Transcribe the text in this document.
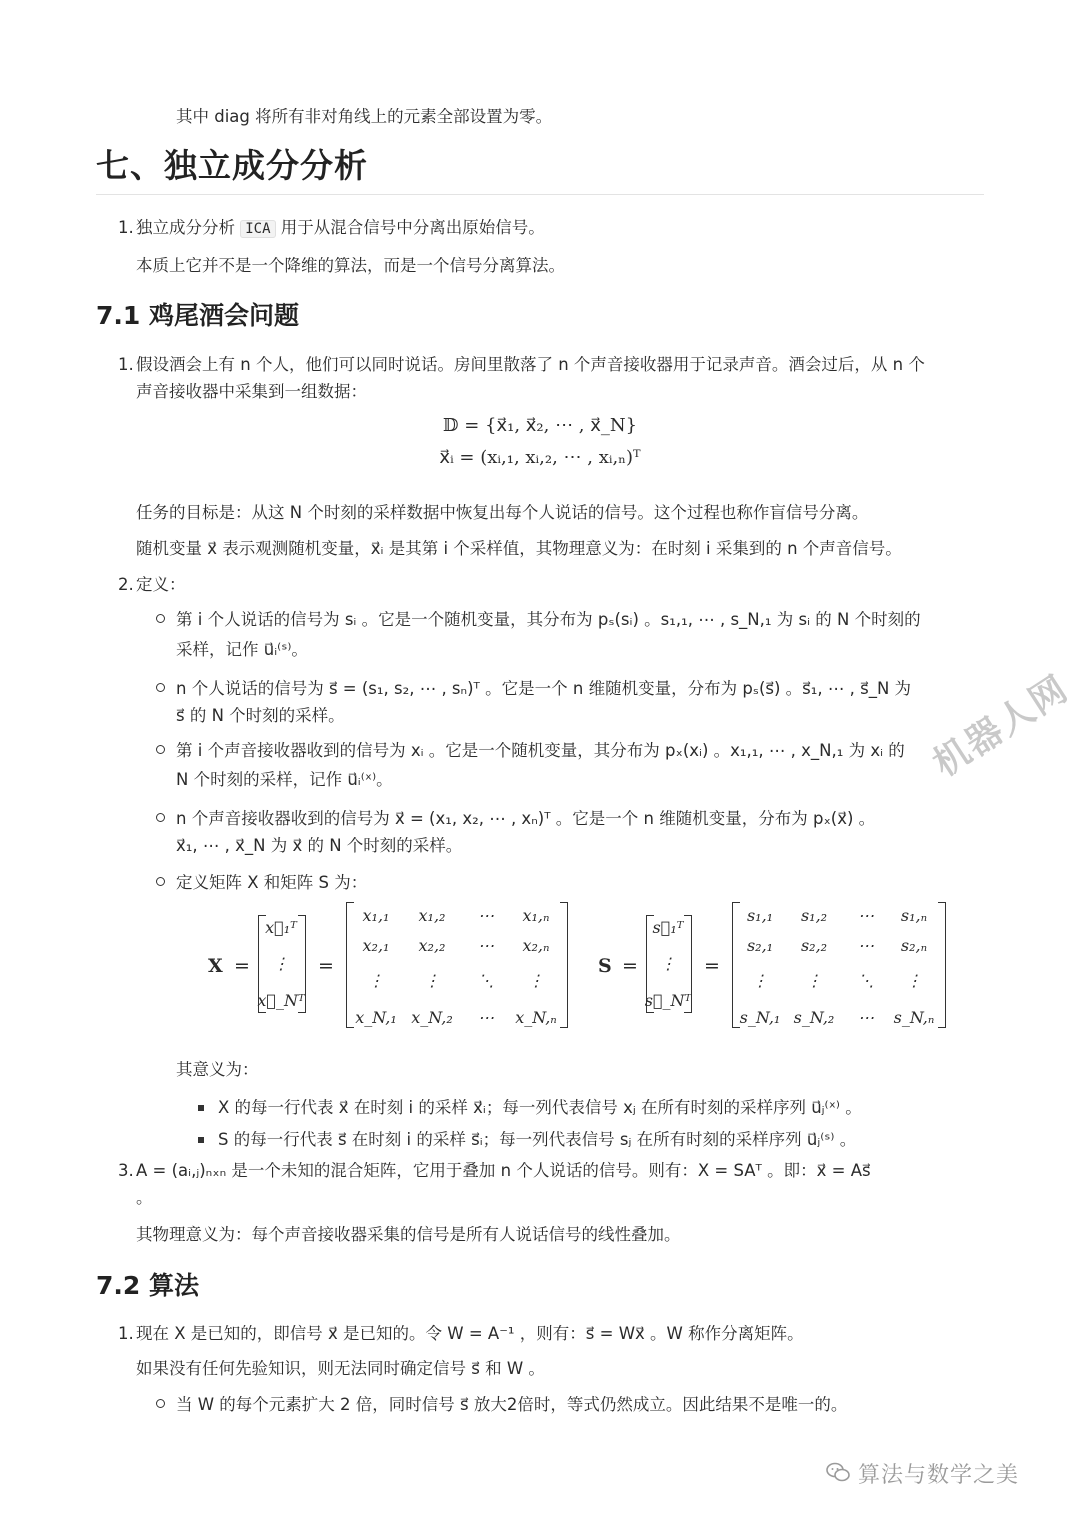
其中 diag 将所有非对角线上的元素全部设置为零。
七、独立成分分析
1. 独立成分分析 ICA 用于从混合信号中分离出原始信号。
本质上它并不是一个降维的算法，而是一个信号分离算法。
7.1 鸡尾酒会问题
1. 假设酒会上有 n 个人，他们可以同时说话。房间里散落了 n 个声音接收器用于记录声音。酒会过后，从 n 个
声音接收器中采集到一组数据：
𝔻 = {x⃗₁, x⃗₂, ⋯ , x⃗_N}
x⃗ᵢ = (xᵢ,₁, xᵢ,₂, ⋯ , xᵢ,ₙ)ᵀ
任务的目标是：从这 N 个时刻的采样数据中恢复出每个人说话的信号。这个过程也称作盲信号分离。
随机变量 x⃗ 表示观测随机变量，x⃗ᵢ 是其第 i 个采样值，其物理意义为：在时刻 i 采集到的 n 个声音信号。
2. 定义：
第 i 个人说话的信号为 sᵢ 。它是一个随机变量，其分布为 pₛ(sᵢ) 。s₁,₁, ⋯ , s_N,₁ 为 sᵢ 的 N 个时刻的
采样，记作 u⃗ᵢ⁽ˢ⁾。
n 个人说话的信号为 s⃗ = (s₁, s₂, ⋯ , sₙ)ᵀ 。它是一个 n 维随机变量，分布为 pₛ(s⃗) 。s⃗₁, ⋯ , s⃗_N 为
s⃗ 的 N 个时刻的采样。
第 i 个声音接收器收到的信号为 xᵢ 。它是一个随机变量，其分布为 pₓ(xᵢ) 。x₁,₁, ⋯ , x_N,₁ 为 xᵢ 的
N 个时刻的采样，记作 u⃗ᵢ⁽ˣ⁾。
n 个声音接收器收到的信号为 x⃗ = (x₁, x₂, ⋯ , xₙ)ᵀ 。它是一个 n 维随机变量，分布为 pₓ(x⃗) 。
x⃗₁, ⋯ , x⃗_N 为 x⃗ 的 N 个时刻的采样。
定义矩阵 X 和矩阵 S 为：
X =
x⃗₁ᵀ
⋮
x⃗_Nᵀ
=
x₁,₁	x₁,₂	⋯	x₁,ₙ
x₂,₁	x₂,₂	⋯	x₂,ₙ
⋮	⋮	⋱	⋮
x_N,₁ x_N,₂	⋯	x_N,ₙ
S =
s⃗₁ᵀ
⋮
s⃗_Nᵀ
=
s₁,₁	s₁,₂	⋯	s₁,ₙ
s₂,₁	s₂,₂	⋯	s₂,ₙ
⋮	⋮	⋱	⋮
s_N,₁ s_N,₂	⋯	s_N,ₙ
其意义为：
X 的每一行代表 x⃗ 在时刻 i 的采样 x⃗ᵢ；每一列代表信号 xⱼ 在所有时刻的采样序列 u⃗ⱼ⁽ˣ⁾ 。
S 的每一行代表 s⃗ 在时刻 i 的采样 s⃗ᵢ；每一列代表信号 sⱼ 在所有时刻的采样序列 u⃗ⱼ⁽ˢ⁾ 。
3. A = (aᵢ,ⱼ)ₙₓₙ 是一个未知的混合矩阵，它用于叠加 n 个人说话的信号。则有：X = SAᵀ 。即：x⃗ = As⃗
。
其物理意义为：每个声音接收器采集的信号是所有人说话信号的线性叠加。
7.2 算法
1. 现在 X 是已知的，即信号 x⃗ 是已知的。令 W = A⁻¹ ，则有：s⃗ = Wx⃗ 。W 称作分离矩阵。
如果没有任何先验知识，则无法同时确定信号 s⃗ 和 W 。
当 W 的每个元素扩大 2 倍，同时信号 s⃗ 放大2倍时，等式仍然成立。因此结果不是唯一的。
机器人网
算法与数学之美
